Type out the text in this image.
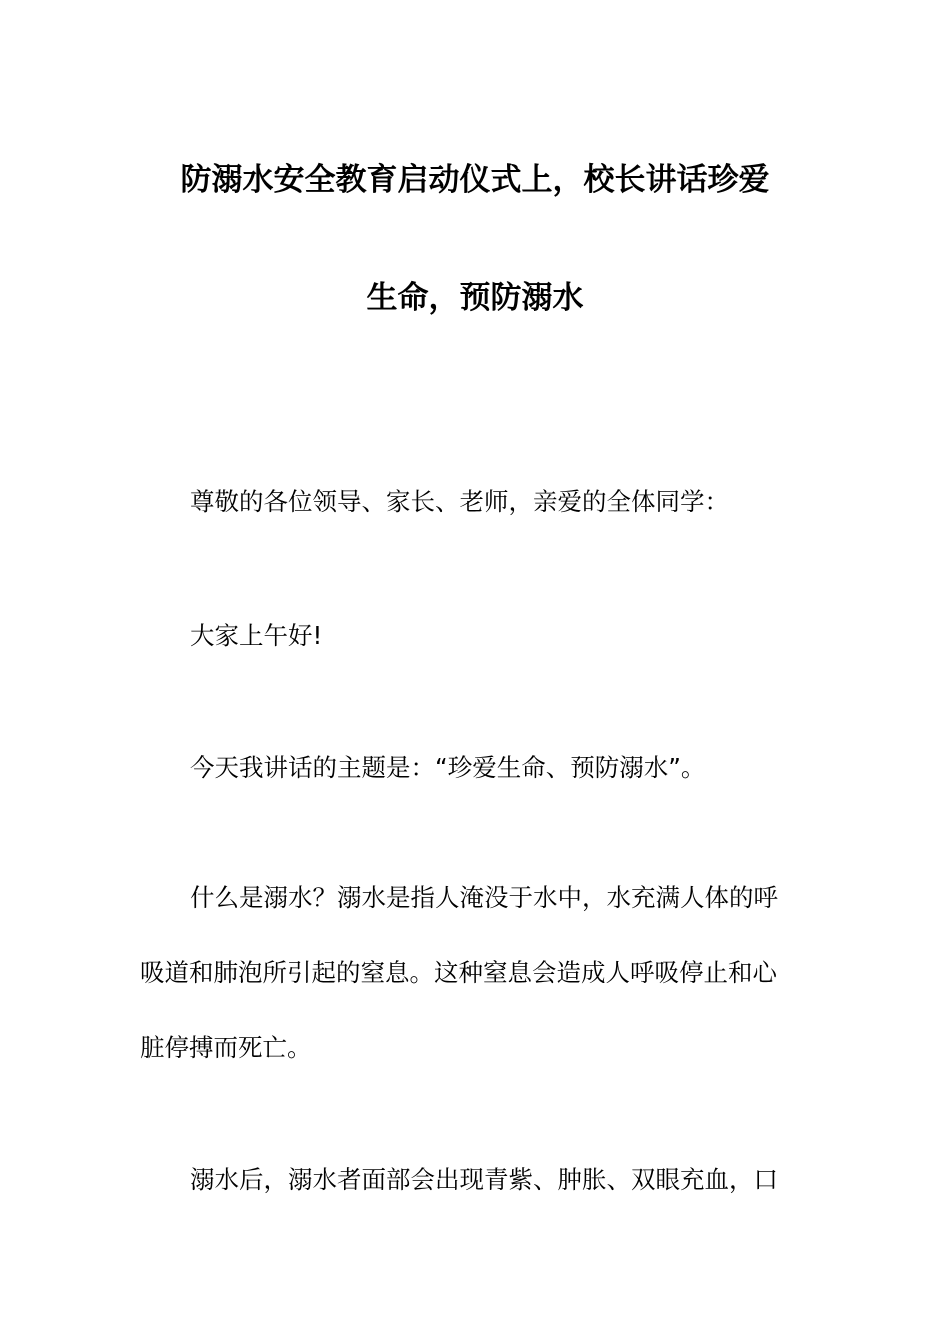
防溺水安全教育启动仪式上，校长讲话珍爱
生命，预防溺水
尊敬的各位领导、家长、老师，亲爱的全体同学：
大家上午好!
今天我讲话的主题是：“珍爱生命、预防溺水”。
什么是溺水？溺水是指人淹没于水中，水充满人体的呼
吸道和肺泡所引起的窒息。这种窒息会造成人呼吸停止和心
脏停搏而死亡。
溺水后，溺水者面部会出现青紫、肿胀、双眼充血，口
